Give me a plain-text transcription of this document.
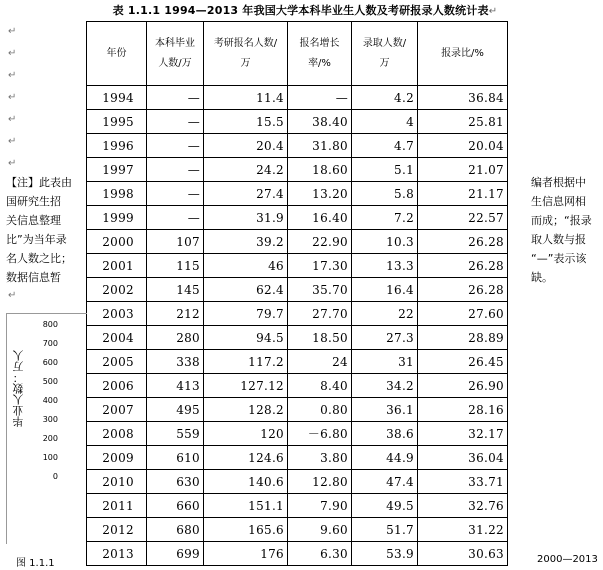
表 1.1.1 1994—2013 年我国大学本科毕业生人数及考研报录人数统计表↵
↵
↵
↵
↵
↵
↵
↵
↵
年份	本科毕业人数/万	考研报名人数/万	报名增长率/%	录取人数/万	报录比/%
1994	—	11.4	—	4.2	36.84
1995	—	15.5	38.40	4	25.81
1996	—	20.4	31.80	4.7	20.04
1997	—	24.2	18.60	5.1	21.07
1998	—	27.4	13.20	5.8	21.17
1999	—	31.9	16.40	7.2	22.57
2000	107	39.2	22.90	10.3	26.28
2001	115	46	17.30	13.3	26.28
2002	145	62.4	35.70	16.4	26.28
2003	212	79.7	27.70	22	27.60
2004	280	94.5	18.50	27.3	28.89
2005	338	117.2	24	31	26.45
2006	413	127.12	8.40	34.2	26.90
2007	495	128.2	0.80	36.1	28.16
2008	559	120	－6.80	38.6	32.17
2009	610	124.6	3.80	44.9	36.04
2010	630	140.6	12.80	47.4	33.71
2011	660	151.1	7.90	49.5	32.76
2012	680	165.6	9.60	51.7	31.22
2013	699	176	6.30	53.9	30.63
【注】此表由
国研究生招
关信息整理
比”为当年录
名人数之比；
数据信息暂
编者根据中
生信息网相
而成；“报录
取人数与报
“—”表示该
缺。
毕业人数：万人
800
700
600
500
400
300
200
100
0
图 1.1.1	2000—2013
